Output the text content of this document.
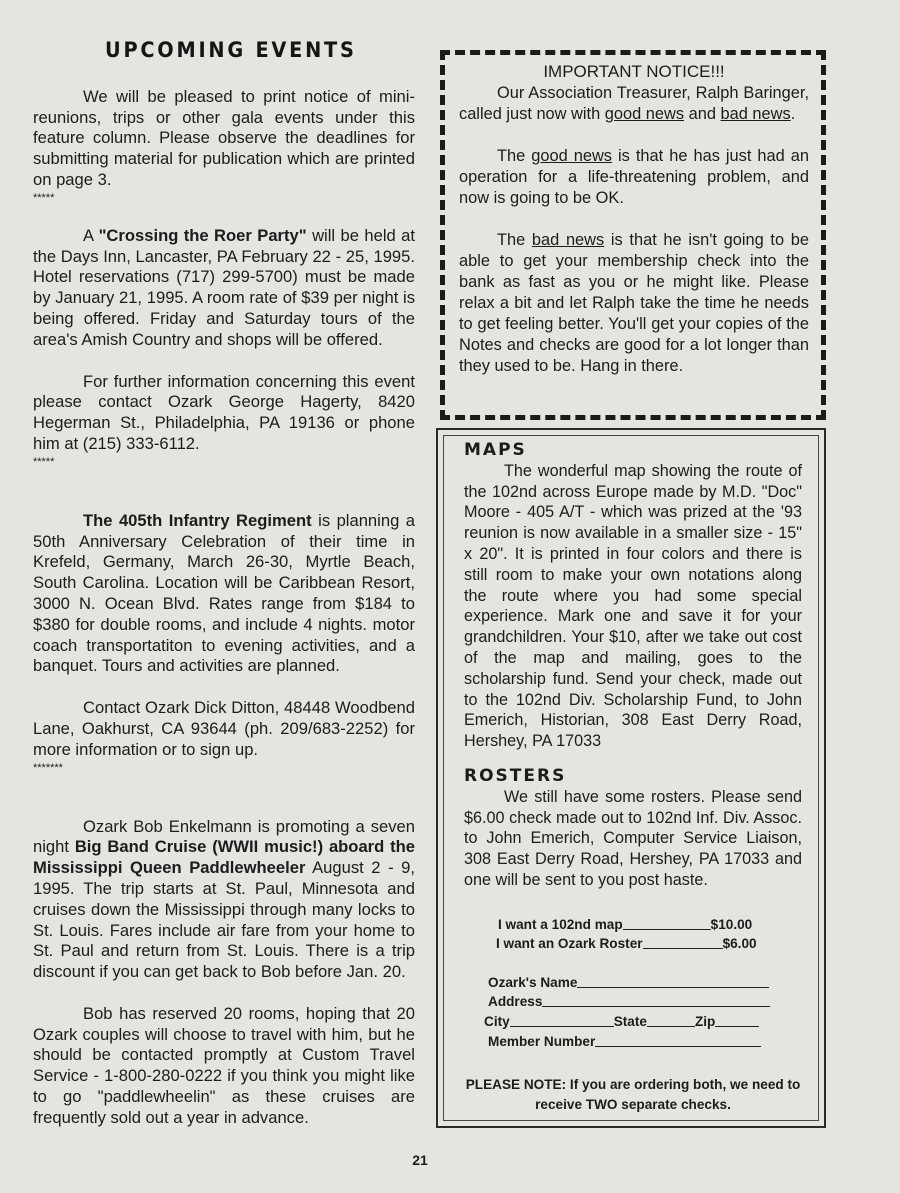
UPCOMING EVENTS

We will be pleased to print notice of mini-reunions, trips or other gala events under this feature column. Please observe the deadlines for submitting material for publication which are printed on page 3.

*****

A "Crossing the Roer Party" will be held at the Days Inn, Lancaster, PA February 22 - 25, 1995. Hotel reservations (717) 299-5700) must be made by January 21, 1995. A room rate of $39 per night is being offered. Friday and Saturday tours of the area's Amish Country and shops will be offered.

For further information concerning this event please contact Ozark George Hagerty, 8420 Hegerman St., Philadelphia, PA 19136 or phone him at (215) 333-6112.

*****

The 405th Infantry Regiment is planning a 50th Anniversary Celebration of their time in Krefeld, Germany, March 26-30, Myrtle Beach, South Carolina. Location will be Caribbean Resort, 3000 N. Ocean Blvd. Rates range from $184 to $380 for double rooms, and include 4 nights. motor coach transportatiton to evening activities, and a banquet. Tours and activities are planned.

Contact Ozark Dick Ditton, 48448 Woodbend Lane, Oakhurst, CA 93644 (ph. 209/683-2252) for more information or to sign up.

*******

Ozark Bob Enkelmann is promoting a seven night Big Band Cruise (WWII music!) aboard the Mississippi Queen Paddlewheeler August 2 - 9, 1995. The trip starts at St. Paul, Minnesota and cruises down the Mississippi through many locks to St. Louis. Fares include air fare from your home to St. Paul and return from St. Louis. There is a trip discount if you can get back to Bob before Jan. 20.

Bob has reserved 20 rooms, hoping that 20 Ozark couples will choose to travel with him, but he should be contacted promptly at Custom Travel Service - 1-800-280-0222 if you think you might like to go "paddlewheelin" as these cruises are frequently sold out a year in advance.

IMPORTANT NOTICE!!!

Our Association Treasurer, Ralph Baringer, called just now with good news and bad news.

The good news is that he has just had an operation for a life-threatening problem, and now is going to be OK.

The bad news is that he isn't going to be able to get your membership check into the bank as fast as you or he might like. Please relax a bit and let Ralph take the time he needs to get feeling better. You'll get your copies of the Notes and checks are good for a lot longer than they used to be. Hang in there.

MAPS

The wonderful map showing the route of the 102nd across Europe made by M.D. "Doc" Moore - 405 A/T - which was prized at the '93 reunion is now available in a smaller size - 15" x 20". It is printed in four colors and there is still room to make your own notations along the route where you had some special experience. Mark one and save it for your grandchildren. Your $10, after we take out cost of the map and mailing, goes to the scholarship fund. Send your check, made out to the 102nd Div. Scholarship Fund, to John Emerich, Historian, 308 East Derry Road, Hershey, PA 17033

ROSTERS

We still have some rosters. Please send $6.00 check made out to 102nd Inf. Div. Assoc. to John Emerich, Computer Service Liaison, 308 East Derry Road, Hershey, PA 17033 and one will be sent to you post haste.

I want a 102nd map	$10.00
I want an Ozark Roster	$6.00
Ozark's Name
Address
City	State	Zip
Member Number

PLEASE NOTE: If you are ordering both, we need to receive TWO separate checks.

21
